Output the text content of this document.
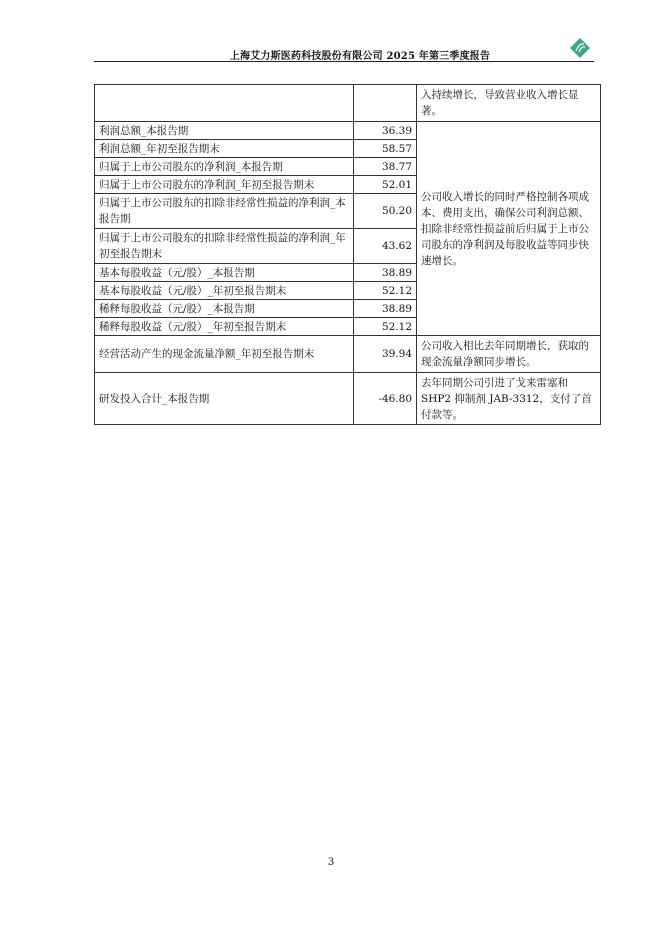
上海艾力斯医药科技股份有限公司 2025 年第三季度报告
		入持续增长，导致营业收入增长显著。
利润总额_本报告期	36.39	公司收入增长的同时严格控制各项成本、费用支出，确保公司利润总额、扣除非经常性损益前后归属于上市公司股东的净利润及每股收益等同步快速增长。
利润总额_年初至报告期末	58.57	
归属于上市公司股东的净利润_本报告期	38.77	
归属于上市公司股东的净利润_年初至报告期末	52.01	
归属于上市公司股东的扣除非经常性损益的净利润_本报告期	50.20	
归属于上市公司股东的扣除非经常性损益的净利润_年初至报告期末	43.62	
基本每股收益（元/股）_本报告期	38.89	
基本每股收益（元/股）_年初至报告期末	52.12	
稀释每股收益（元/股）_本报告期	38.89	
稀释每股收益（元/股）_年初至报告期末	52.12	
经营活动产生的现金流量净额_年初至报告期末	39.94	公司收入相比去年同期增长，获取的现金流量净额同步增长。
研发投入合计_本报告期	-46.80	去年同期公司引进了戈来雷塞和SHP2 抑制剂 JAB-3312，支付了首付款等。
3
